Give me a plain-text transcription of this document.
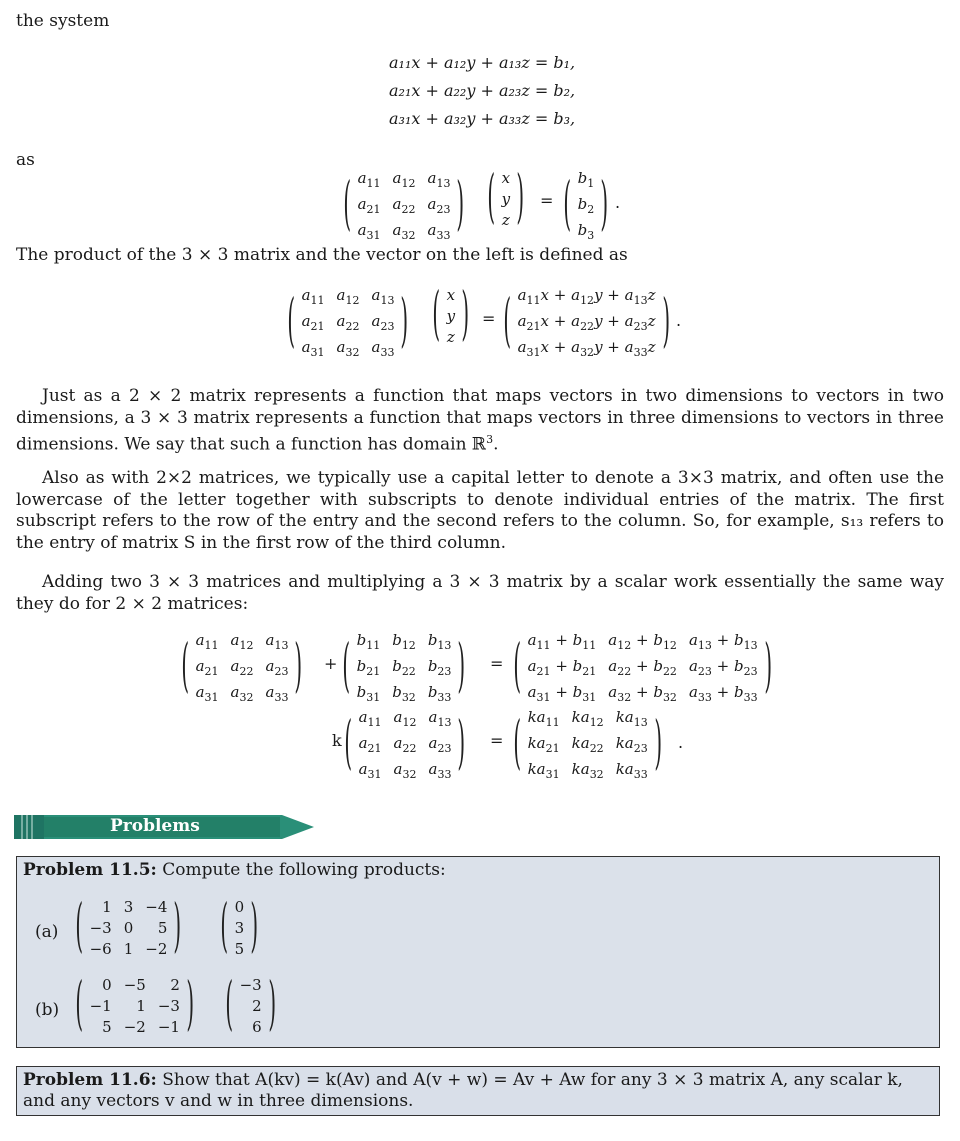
the system
a₁₁x + a₁₂y + a₁₃z = b₁,
a₂₁x + a₂₂y + a₂₃z = b₂,
a₃₁x + a₃₂y + a₃₃z = b₃,
as
( $a_{11}$ $a_{12}$ $a_{13}$
$a_{21}$ $a_{22}$ $a_{23}$
$a_{31}$ $a_{32}$ $a_{33}$ ) ( x
y
z ) = ( $b_1$
$b_2$
$b_3$ ) .
The product of the 3 × 3 matrix and the vector on the left is defined as
( $a_{11}$ $a_{12}$ $a_{13}$
$a_{21}$ $a_{22}$ $a_{23}$
$a_{31}$ $a_{32}$ $a_{33}$ ) ( x
y
z ) = ( $a_{11}x + a_{12}y + a_{13}z$
$a_{21}x + a_{22}y + a_{23}z$
$a_{31}x + a_{32}y + a_{33}z$ ) .

Just as a 2 × 2 matrix represents a function that maps vectors in two dimensions to vectors in two dimensions, a 3 × 3 matrix represents a function that maps vectors in three dimensions to vectors in three dimensions. We say that such a function has domain ℝ$^3$.

Also as with 2×2 matrices, we typically use a capital letter to denote a 3×3 matrix, and often use the lowercase of the letter together with subscripts to denote individual entries of the matrix. The first subscript refers to the row of the entry and the second refers to the column. So, for example, s₁₃ refers to the entry of matrix S in the first row of the third column.

Adding two 3 × 3 matrices and multiplying a 3 × 3 matrix by a scalar work essentially the same way they do for 2 × 2 matrices:

( $a_{11}$ $a_{12}$ $a_{13}$
$a_{21}$ $a_{22}$ $a_{23}$
$a_{31}$ $a_{32}$ $a_{33}$ ) + ( $b_{11}$ $b_{12}$ $b_{13}$
$b_{21}$ $b_{22}$ $b_{23}$
$b_{31}$ $b_{32}$ $b_{33}$ ) = ( $a_{11} + b_{11}$ $a_{12} + b_{12}$ $a_{13} + b_{13}$
$a_{21} + b_{21}$ $a_{22} + b_{22}$ $a_{23} + b_{23}$
$a_{31} + b_{31}$ $a_{32} + b_{32}$ $a_{33} + b_{33}$ )
k ( $a_{11}$ $a_{12}$ $a_{13}$
$a_{21}$ $a_{22}$ $a_{23}$
$a_{31}$ $a_{32}$ $a_{33}$ ) = ( $ka_{11}$ $ka_{12}$ $ka_{13}$
$ka_{21}$ $ka_{22}$ $ka_{23}$
$ka_{31}$ $ka_{32}$ $ka_{33}$ ) .
Problems
Problem 11.5: Compute the following products:
(a)
(b)
(	1 3 −4
−3 0	5
−6 1 −2 ) ( 0
3
5 )
(	0 −5	2
−1	1 −3
5 −2 −1 ) ( −3
2
6 )
Problem 11.6: Show that A(kv) = k(Av) and A(v + w) = Av + Aw for any 3 × 3 matrix A, any scalar k, and any vectors v and w in three dimensions.
